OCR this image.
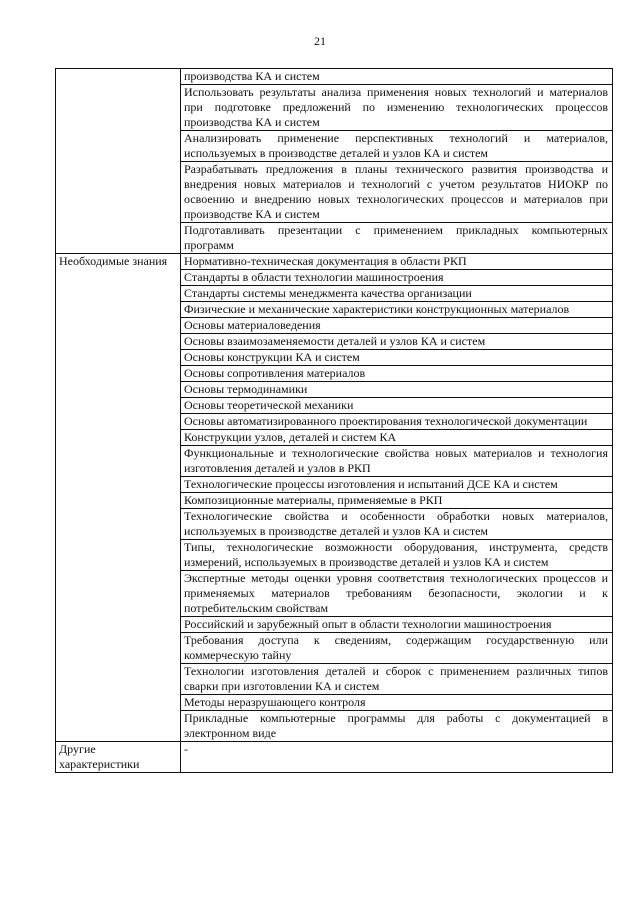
21
	производства КА и систем
	Использовать результаты анализа применения новых технологий и материалов при подготовке предложений по изменению технологических процессов производства КА и систем
	Анализировать применение перспективных технологий и материалов, используемых в производстве деталей и узлов КА и систем
	Разрабатывать предложения в планы технического развития производства и внедрения новых материалов и технологий с учетом результатов НИОКР по освоению и внедрению новых технологических процессов и материалов при производстве КА и систем
	Подготавливать презентации с применением прикладных компьютерных программ
Необходимые знания	Нормативно-техническая документация в области РКП
	Стандарты в области технологии машиностроения
	Стандарты системы менеджмента качества организации
	Физические и механические характеристики конструкционных материалов
	Основы материаловедения
	Основы взаимозаменяемости деталей и узлов КА и систем
	Основы конструкции КА и систем
	Основы сопротивления материалов
	Основы термодинамики
	Основы теоретической механики
	Основы автоматизированного проектирования технологической документации
	Конструкции узлов, деталей и систем КА
	Функциональные и технологические свойства новых материалов и технология изготовления деталей и узлов в РКП
	Технологические процессы изготовления и испытаний ДСЕ КА и систем
	Композиционные материалы, применяемые в РКП
	Технологические свойства и особенности обработки новых материалов, используемых в производстве деталей и узлов КА и систем
	Типы, технологические возможности оборудования, инструмента, средств измерений, используемых в производстве деталей и узлов КА и систем
	Экспертные методы оценки уровня соответствия технологических процессов и применяемых материалов требованиям безопасности, экологии и к потребительским свойствам
	Российский и зарубежный опыт в области технологии машиностроения
	Требования доступа к сведениям, содержащим государственную или коммерческую тайну
	Технологии изготовления деталей и сборок с применением различных типов сварки при изготовлении КА и систем
	Методы неразрушающего контроля
	Прикладные компьютерные программы для работы с документацией в электронном виде
Другие характеристики	-
